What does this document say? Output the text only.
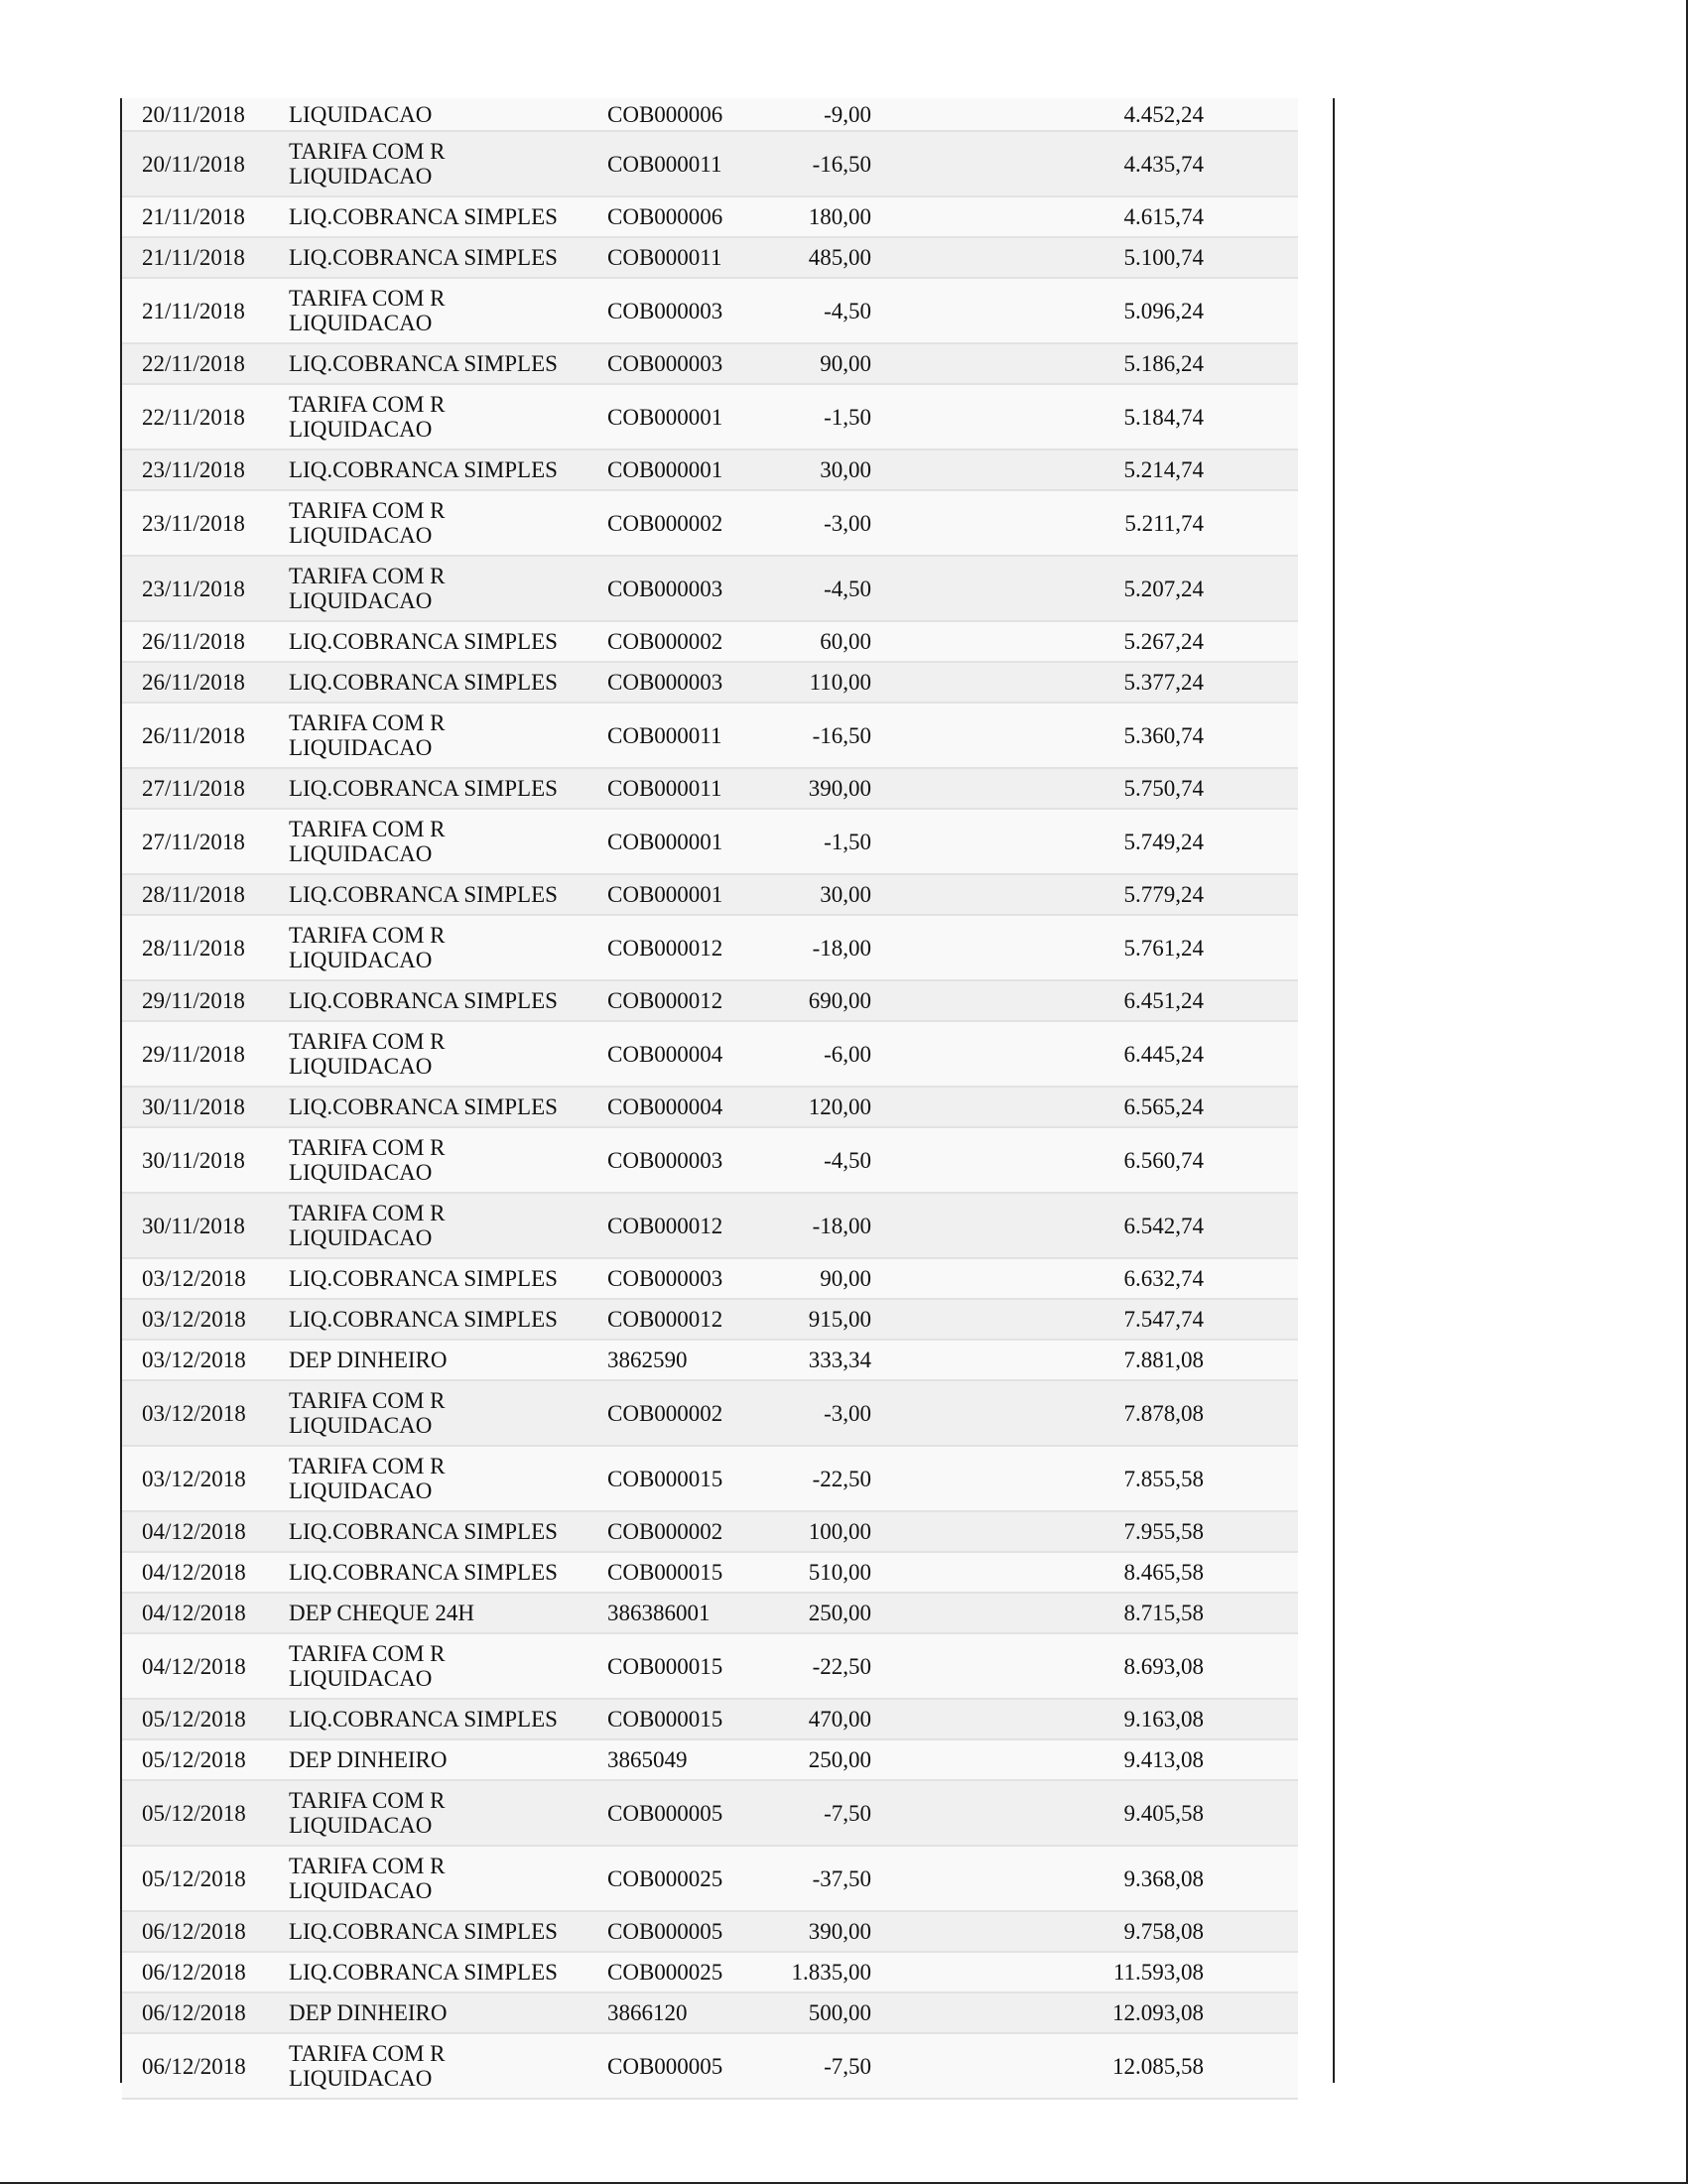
20/11/2018 LIQUIDACAO	COB000006	-9,00	4.452,24
20/11/2018 TARIFA COM R
LIQUIDACAO	COB000011	-16,50	4.435,74
21/11/2018 LIQ.COBRANCA SIMPLES COB000006	180,00	4.615,74
21/11/2018 LIQ.COBRANCA SIMPLES COB000011	485,00	5.100,74
21/11/2018 TARIFA COM R
LIQUIDACAO	COB000003	-4,50	5.096,24
22/11/2018 LIQ.COBRANCA SIMPLES COB000003	90,00	5.186,24
22/11/2018 TARIFA COM R
LIQUIDACAO	COB000001	-1,50	5.184,74
23/11/2018 LIQ.COBRANCA SIMPLES COB000001	30,00	5.214,74
23/11/2018 TARIFA COM R
LIQUIDACAO	COB000002	-3,00	5.211,74
23/11/2018 TARIFA COM R
LIQUIDACAO	COB000003	-4,50	5.207,24
26/11/2018 LIQ.COBRANCA SIMPLES COB000002	60,00	5.267,24
26/11/2018 LIQ.COBRANCA SIMPLES COB000003	110,00	5.377,24
26/11/2018 TARIFA COM R
LIQUIDACAO	COB000011	-16,50	5.360,74
27/11/2018 LIQ.COBRANCA SIMPLES COB000011	390,00	5.750,74
27/11/2018 TARIFA COM R
LIQUIDACAO	COB000001	-1,50	5.749,24
28/11/2018 LIQ.COBRANCA SIMPLES COB000001	30,00	5.779,24
28/11/2018 TARIFA COM R
LIQUIDACAO	COB000012	-18,00	5.761,24
29/11/2018 LIQ.COBRANCA SIMPLES COB000012	690,00	6.451,24
29/11/2018 TARIFA COM R
LIQUIDACAO	COB000004	-6,00	6.445,24
30/11/2018 LIQ.COBRANCA SIMPLES COB000004	120,00	6.565,24
30/11/2018 TARIFA COM R
LIQUIDACAO	COB000003	-4,50	6.560,74
30/11/2018 TARIFA COM R
LIQUIDACAO	COB000012	-18,00	6.542,74
03/12/2018 LIQ.COBRANCA SIMPLES COB000003	90,00	6.632,74
03/12/2018 LIQ.COBRANCA SIMPLES COB000012	915,00	7.547,74
03/12/2018 DEP DINHEIRO	3862590	333,34	7.881,08
03/12/2018 TARIFA COM R
LIQUIDACAO	COB000002	-3,00	7.878,08
03/12/2018 TARIFA COM R
LIQUIDACAO	COB000015	-22,50	7.855,58
04/12/2018 LIQ.COBRANCA SIMPLES COB000002	100,00	7.955,58
04/12/2018 LIQ.COBRANCA SIMPLES COB000015	510,00	8.465,58
04/12/2018 DEP CHEQUE 24H	386386001	250,00	8.715,58
04/12/2018 TARIFA COM R
LIQUIDACAO	COB000015	-22,50	8.693,08
05/12/2018 LIQ.COBRANCA SIMPLES COB000015	470,00	9.163,08
05/12/2018 DEP DINHEIRO	3865049	250,00	9.413,08
05/12/2018 TARIFA COM R
LIQUIDACAO	COB000005	-7,50	9.405,58
05/12/2018 TARIFA COM R
LIQUIDACAO	COB000025	-37,50	9.368,08
06/12/2018 LIQ.COBRANCA SIMPLES COB000005	390,00	9.758,08
06/12/2018 LIQ.COBRANCA SIMPLES COB000025	1.835,00	11.593,08
06/12/2018 DEP DINHEIRO	3866120	500,00	12.093,08
06/12/2018 TARIFA COM R
LIQUIDACAO	COB000005	-7,50	12.085,58
